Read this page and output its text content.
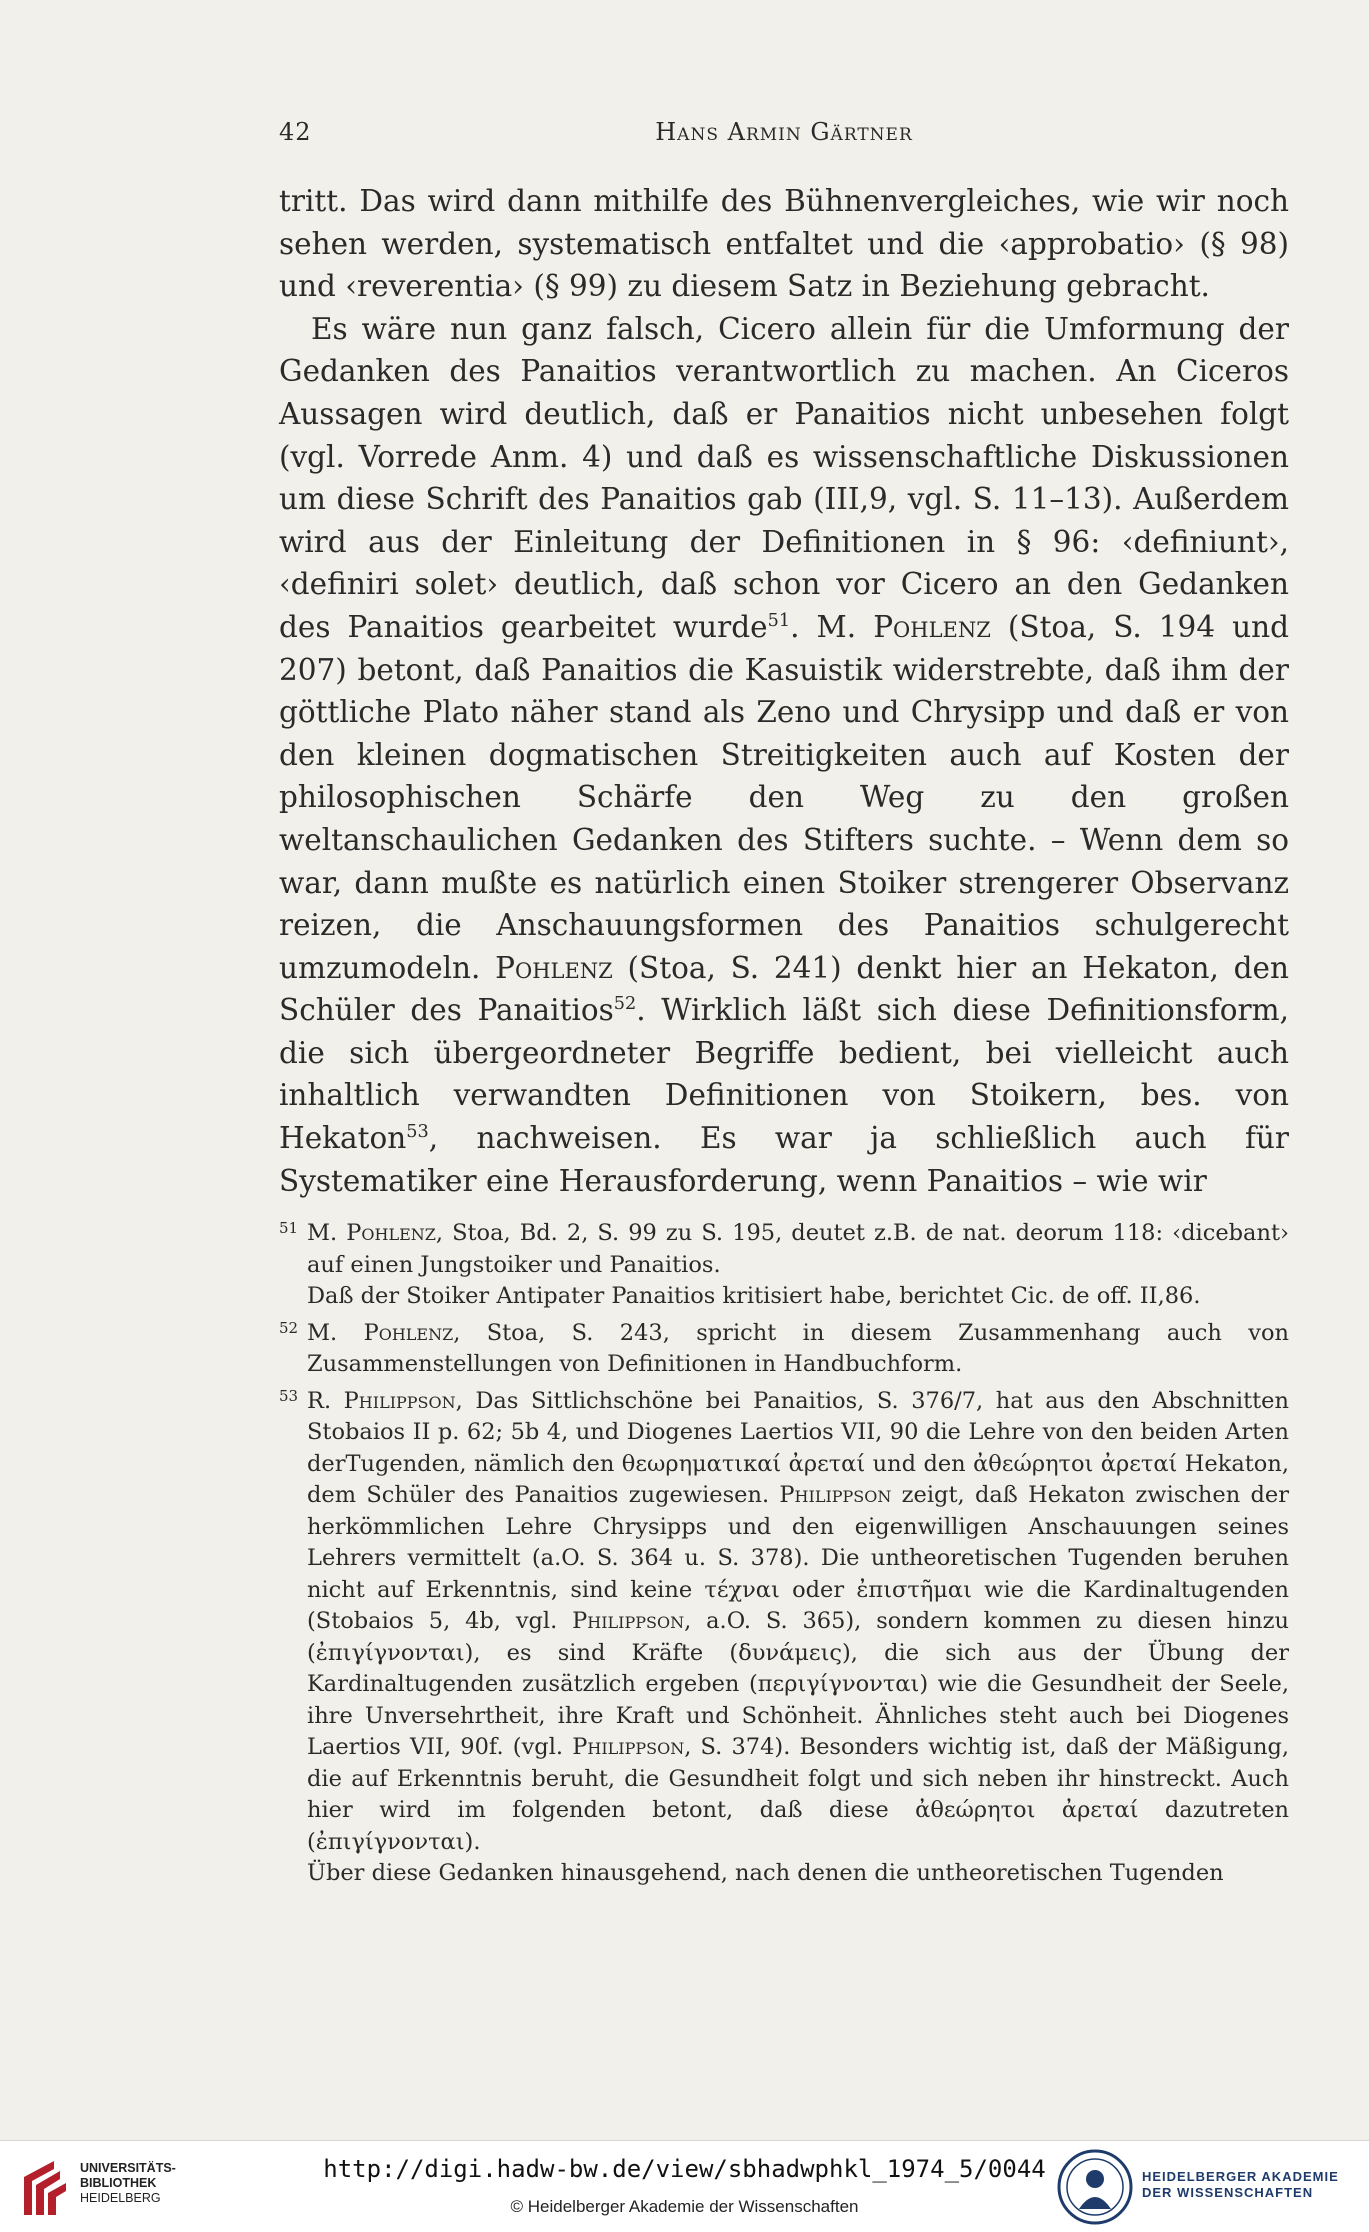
42	Hans Armin Gärtner

tritt. Das wird dann mithilfe des Bühnenvergleiches, wie wir noch sehen werden, systematisch entfaltet und die ‹approbatio› (§ 98) und ‹reverentia› (§ 99) zu diesem Satz in Beziehung gebracht.

Es wäre nun ganz falsch, Cicero allein für die Umformung der Gedanken des Panaitios verantwortlich zu machen. An Ciceros Aussagen wird deutlich, daß er Panaitios nicht unbesehen folgt (vgl. Vorrede Anm. 4) und daß es wissenschaftliche Diskussionen um diese Schrift des Panaitios gab (III,9, vgl. S. 11–13). Außerdem wird aus der Einleitung der Definitionen in § 96: ‹definiunt›, ‹definiri solet› deutlich, daß schon vor Cicero an den Gedanken des Panaitios gearbeitet wurde$^{51}$. M. Pohlenz (Stoa, S. 194 und 207) betont, daß Panaitios die Kasuistik widerstrebte, daß ihm der göttliche Plato näher stand als Zeno und Chrysipp und daß er von den kleinen dogmatischen Streitigkeiten auch auf Kosten der philosophischen Schärfe den Weg zu den großen weltanschaulichen Gedanken des Stifters suchte. – Wenn dem so war, dann mußte es natürlich einen Stoiker strengerer Observanz reizen, die Anschauungsformen des Panaitios schulgerecht umzumodeln. Pohlenz (Stoa, S. 241) denkt hier an Hekaton, den Schüler des Panaitios$^{52}$. Wirklich läßt sich diese Definitionsform, die sich übergeordneter Begriffe bedient, bei vielleicht auch inhaltlich verwandten Definitionen von Stoikern, bes. von Hekaton$^{53}$, nachweisen. Es war ja schließlich auch für Systematiker eine Herausforderung, wenn Panaitios – wie wir

51 M. Pohlenz, Stoa, Bd. 2, S. 99 zu S. 195, deutet z.B. de nat. deorum 118: ‹dicebant› auf einen Jungstoiker und Panaitios.

Daß der Stoiker Antipater Panaitios kritisiert habe, berichtet Cic. de off. II,86.

52 M. Pohlenz, Stoa, S. 243, spricht in diesem Zusammenhang auch von Zusammenstellungen von Definitionen in Handbuchform.

53 R. Philippson, Das Sittlichschöne bei Panaitios, S. 376/7, hat aus den Abschnitten Stobaios II p. 62; 5b 4, und Diogenes Laertios VII, 90 die Lehre von den beiden Arten derTugenden, nämlich den θεωρηματικαί ἀρεταί und den ἀθεώρητοι ἀρεταί Hekaton, dem Schüler des Panaitios zugewiesen. Philippson zeigt, daß Hekaton zwischen der herkömmlichen Lehre Chrysipps und den eigenwilligen Anschauungen seines Lehrers vermittelt (a.O. S. 364 u. S. 378). Die untheoretischen Tugenden beruhen nicht auf Erkenntnis, sind keine τέχναι oder ἐπιστῆμαι wie die Kardinaltugenden (Stobaios 5, 4b, vgl. Philippson, a.O. S. 365), sondern kommen zu diesen hinzu (ἐπιγίγνονται), es sind Kräfte (δυνάμεις), die sich aus der Übung der Kardinaltugenden zusätzlich ergeben (περιγίγνονται) wie die Gesundheit der Seele, ihre Unversehrtheit, ihre Kraft und Schönheit. Ähnliches steht auch bei Diogenes Laertios VII, 90f. (vgl. Philippson, S. 374). Besonders wichtig ist, daß der Mäßigung, die auf Erkenntnis beruht, die Gesundheit folgt und sich neben ihr hinstreckt. Auch hier wird im folgenden betont, daß diese ἀθεώρητοι ἀρεταί dazutreten (ἐπιγίγνονται).

Über diese Gedanken hinausgehend, nach denen die untheoretischen Tugenden

UNIVERSITÄTS-
BIBLIOTHEK
HEIDELBERG
http://digi.hadw-bw.de/view/sbhadwphkl_1974_5/0044
© Heidelberger Akademie der Wissenschaften
HEIDELBERGER AKADEMIE
DER WISSENSCHAFTEN
